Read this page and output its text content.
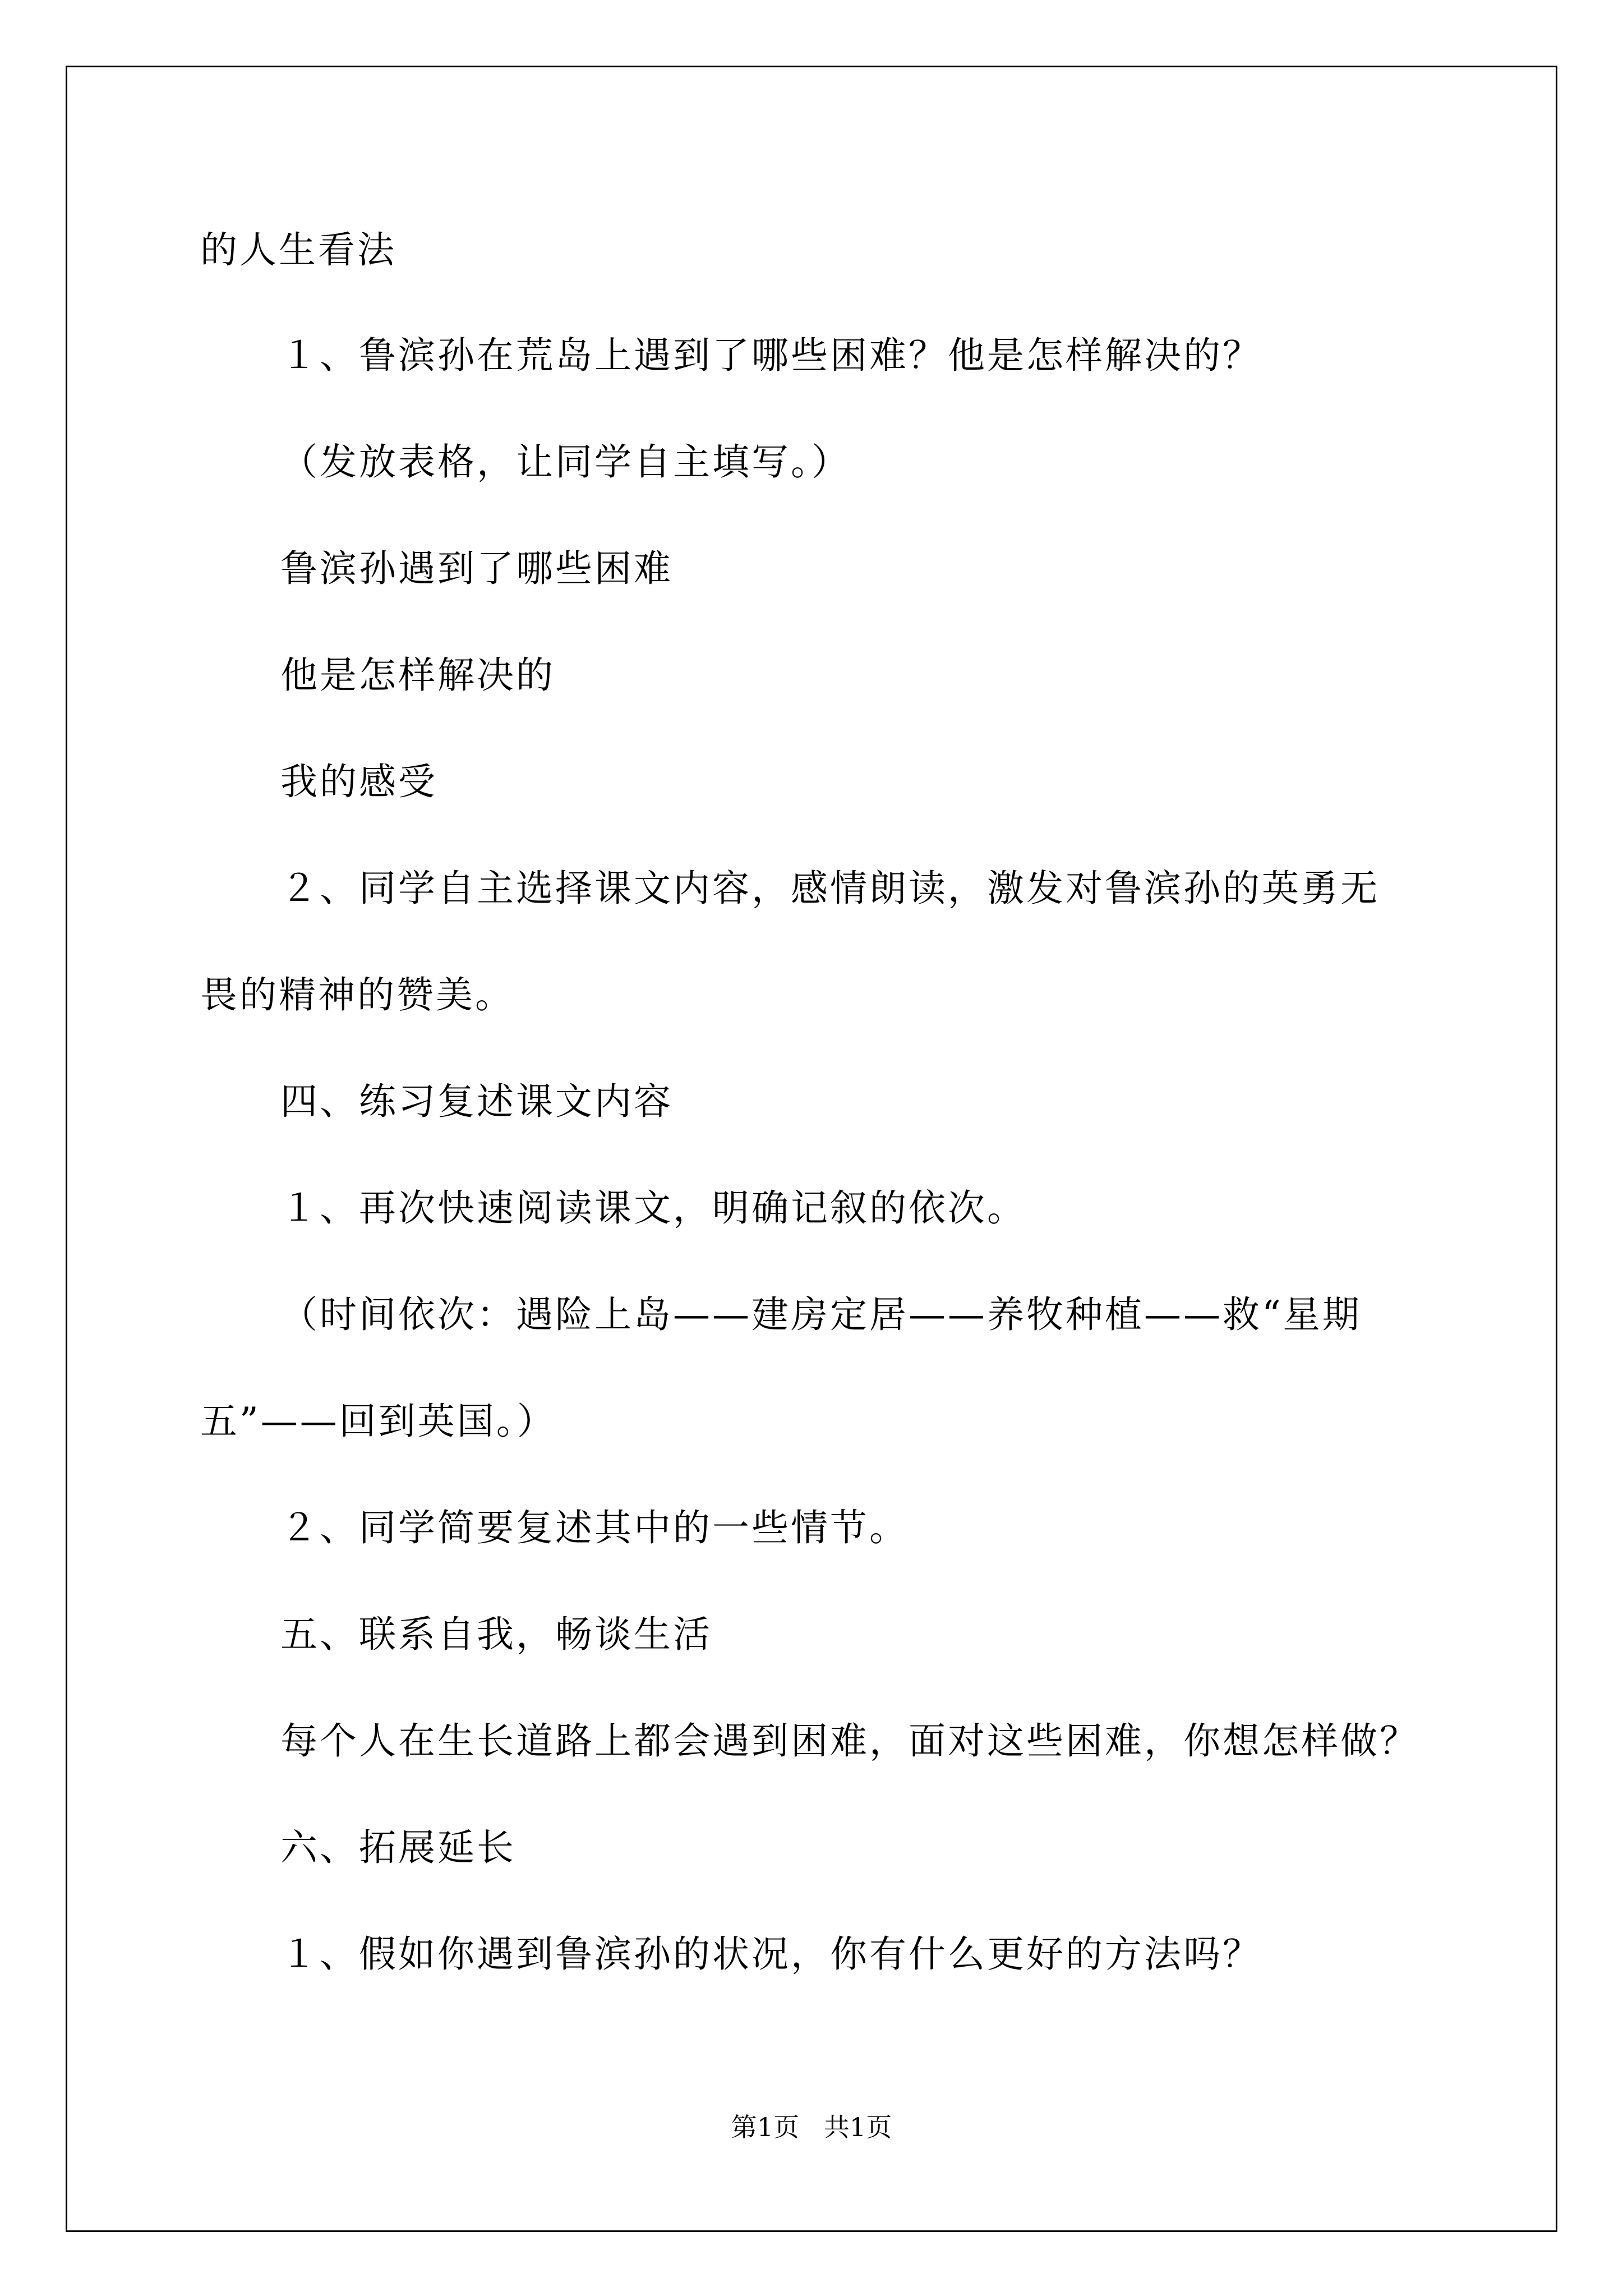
的人生看法
１、鲁滨孙在荒岛上遇到了哪些困难？他是怎样解决的？
（发放表格，让同学自主填写。）
鲁滨孙遇到了哪些困难
他是怎样解决的
我的感受
２、同学自主选择课文内容，感情朗读，激发对鲁滨孙的英勇无
畏的精神的赞美。
四、练习复述课文内容
１、再次快速阅读课文，明确记叙的依次。
（时间依次：遇险上岛——建房定居——养牧种植——救“星期
五”——回到英国。）
２、同学简要复述其中的一些情节。
五、联系自我，畅谈生活
每个人在生长道路上都会遇到困难，面对这些困难，你想怎样做？
六、拓展延长
１、假如你遇到鲁滨孙的状况，你有什么更好的方法吗？
第1页   共1页
